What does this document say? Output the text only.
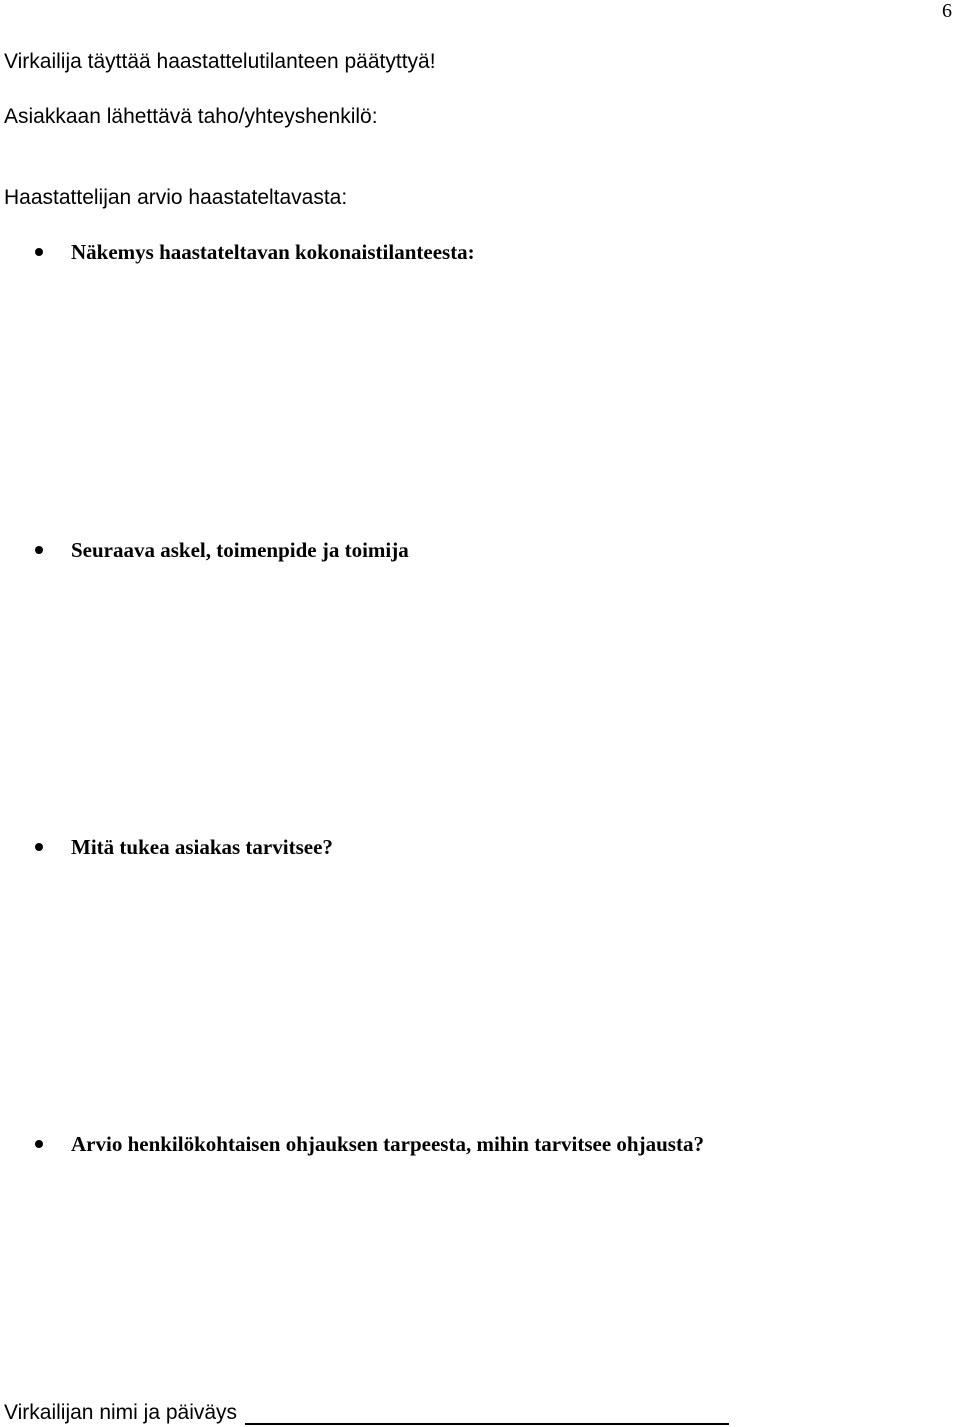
6
Virkailija täyttää haastattelutilanteen päätyttyä!
Asiakkaan lähettävä taho/yhteyshenkilö:
Haastattelijan arvio haastateltavasta:
Näkemys haastateltavan kokonaistilanteesta:
Seuraava askel, toimenpide ja toimija
Mitä tukea asiakas tarvitsee?
Arvio henkilökohtaisen ohjauksen tarpeesta, mihin tarvitsee ohjausta?
Virkailijan nimi ja päiväys
